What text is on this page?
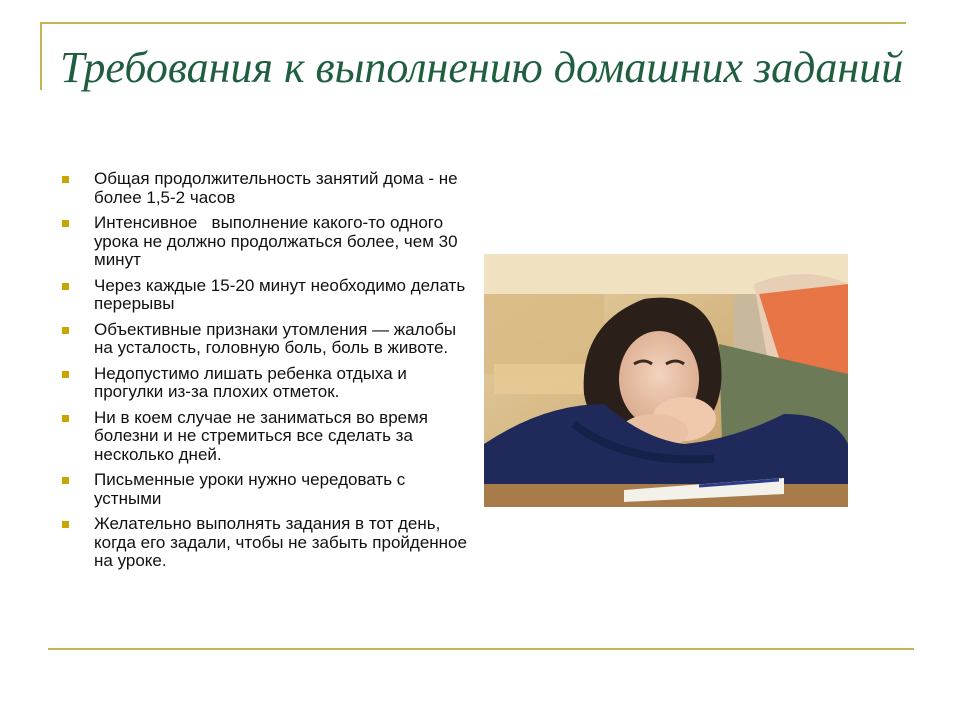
Требования к выполнению домашних заданий
Общая продолжительность занятий дома - не более 1,5-2 часов
Интенсивное   выполнение какого-то одного урока не должно продолжаться более, чем 30 минут
Через каждые 15-20 минут необходимо делать перерывы
Объективные признаки утомления — жалобы  на усталость, головную боль, боль в животе.
Недопустимо лишать ребенка отдыха и прогулки из-за плохих отметок.
Ни в коем случае не заниматься во время болезни и не стремиться все сделать за несколько дней.
Письменные уроки нужно чередовать с устными
Желательно выполнять задания в тот день, когда его задали, чтобы не забыть пройденное на уроке.
